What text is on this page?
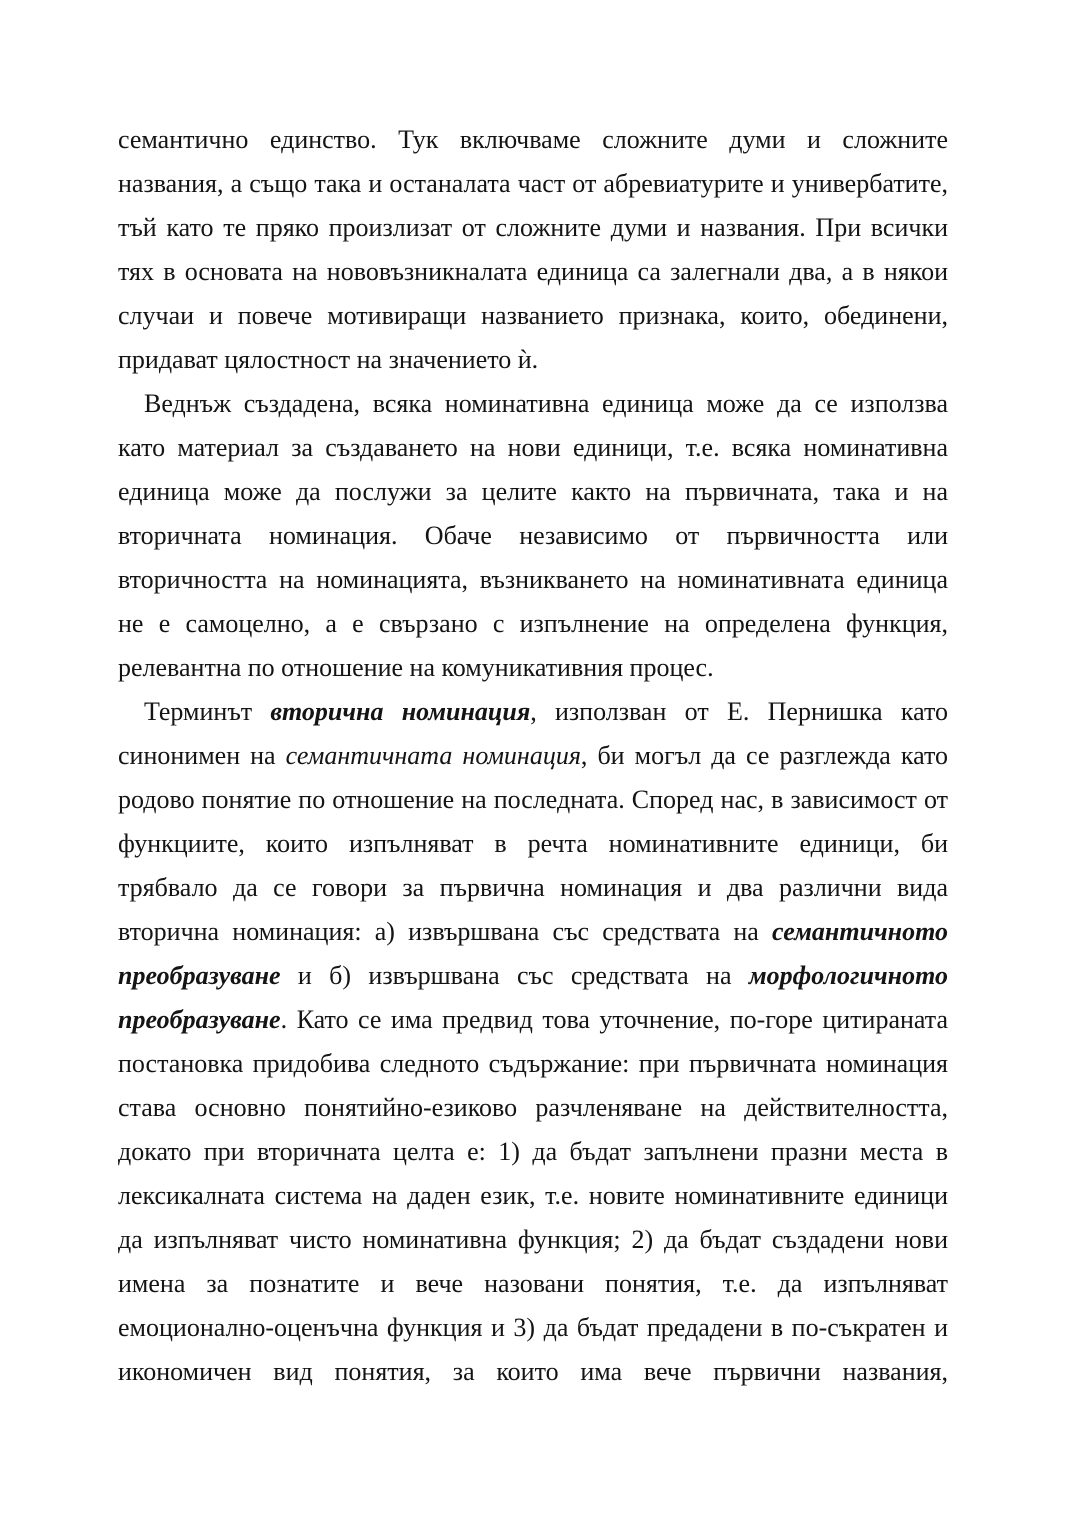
семантично единство. Тук включваме сложните думи и сложните
названия, а също така и останалата част от абревиатурите и универбатите,
тъй като те пряко произлизат от сложните думи и названия. При всички
тях в основата на нововъзникналата единица са залегнали два, а в някои
случаи и повече мотивиращи названието признака, които, обединени,
придават цялостност на значението ѝ.
Веднъж създадена, всяка номинативна единица може да се използва
като материал за създаването на нови единици, т.е. всяка номинативна
единица може да послужи за целите както на първичната, така и на
вторичната номинация. Обаче независимо от първичността или
вторичността на номинацията, възникването на номинативната единица
не е самоцелно, а е свързано с изпълнение на определена функция,
релевантна по отношение на комуникативния процес.
Терминът вторична номинация, използван от Е. Пернишка като
синонимен на семантичната номинация, би могъл да се разглежда като
родово понятие по отношение на последната. Според нас, в зависимост от
функциите, които изпълняват в речта номинативните единици, би
трябвало да се говори за първична номинация и два различни вида
вторична номинация: а) извършвана със средствата на семантичното
преобразуване и б) извършвана със средствата на морфологичното
преобразуване. Като се има предвид това уточнение, по-горе цитираната
постановка придобива следното съдържание: при първичната номинация
става основно понятийно-езиково разчленяване на действителността,
докато при вторичната целта е: 1) да бъдат запълнени празни места в
лексикалната система на даден език, т.е. новите номинативните единици
да изпълняват чисто номинативна функция; 2) да бъдат създадени нови
имена за познатите и вече назовани понятия, т.е. да изпълняват
емоционално-оценъчна функция и 3) да бъдат предадени в по-съкратен и
икономичен вид понятия, за които има вече първични названия,
